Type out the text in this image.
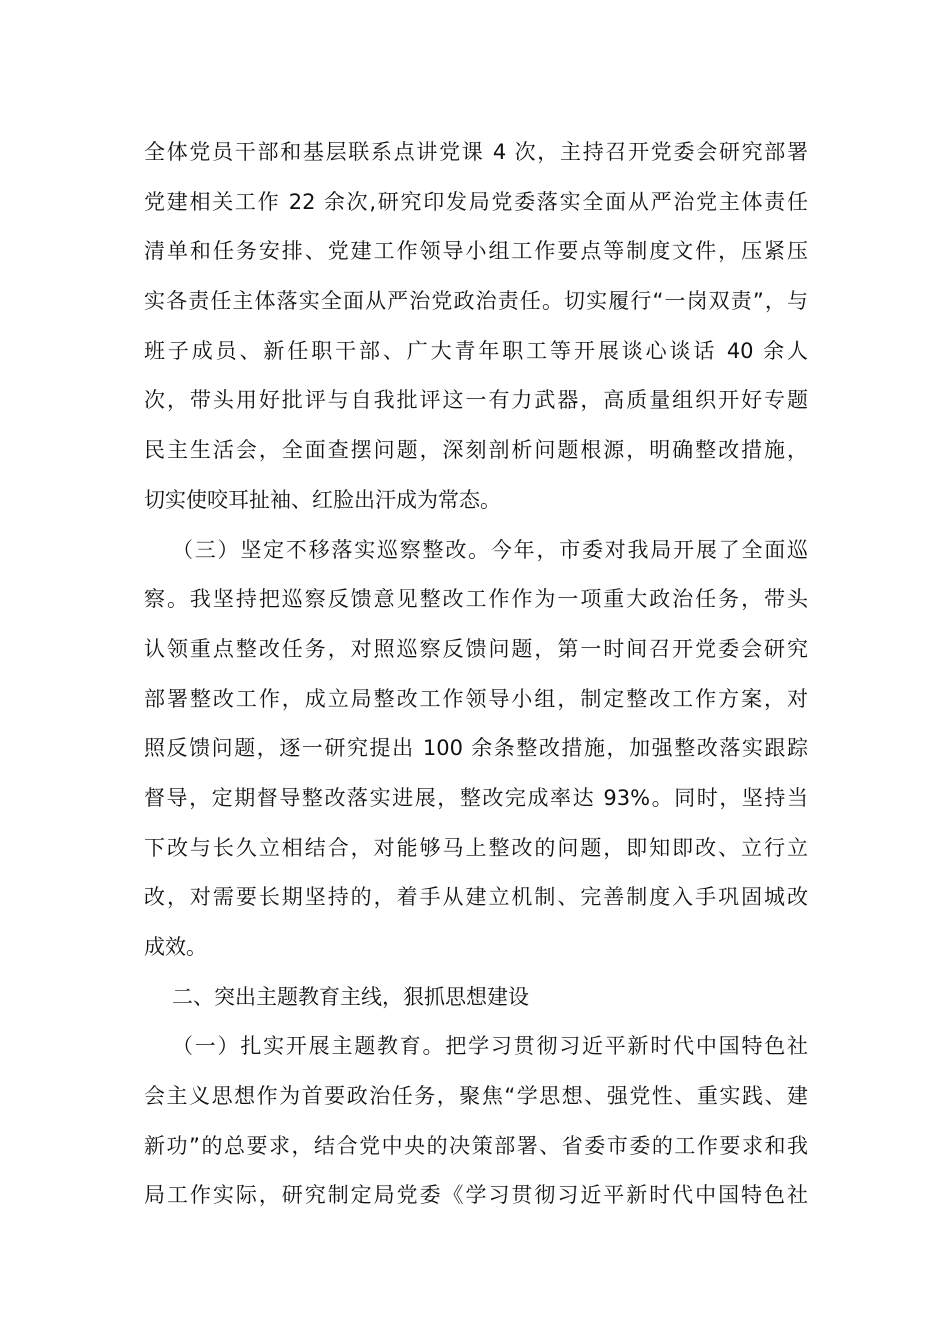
全体党员干部和基层联系点讲党课 4 次，主持召开党委会研究部署
党建相关工作 22 余次,研究印发局党委落实全面从严治党主体责任
清单和任务安排、党建工作领导小组工作要点等制度文件，压紧压
实各责任主体落实全面从严治党政治责任。切实履行“一岗双责”，与
班子成员、新任职干部、广大青年职工等开展谈心谈话 40 余人
次，带头用好批评与自我批评这一有力武器，高质量组织开好专题
民主生活会，全面查摆问题，深刻剖析问题根源，明确整改措施，
切实使咬耳扯袖、红脸出汗成为常态。
（三）坚定不移落实巡察整改。今年，市委对我局开展了全面巡
察。我坚持把巡察反馈意见整改工作作为一项重大政治任务，带头
认领重点整改任务，对照巡察反馈问题，第一时间召开党委会研究
部署整改工作，成立局整改工作领导小组，制定整改工作方案，对
照反馈问题，逐一研究提出 100 余条整改措施，加强整改落实跟踪
督导，定期督导整改落实进展，整改完成率达 93%。同时，坚持当
下改与长久立相结合，对能够马上整改的问题，即知即改、立行立
改，对需要长期坚持的，着手从建立机制、完善制度入手巩固城改
成效。
二、突出主题教育主线，狠抓思想建设
（一）扎实开展主题教育。把学习贯彻习近平新时代中国特色社
会主义思想作为首要政治任务，聚焦“学思想、强党性、重实践、建
新功”的总要求，结合党中央的决策部署、省委市委的工作要求和我
局工作实际，研究制定局党委《学习贯彻习近平新时代中国特色社
